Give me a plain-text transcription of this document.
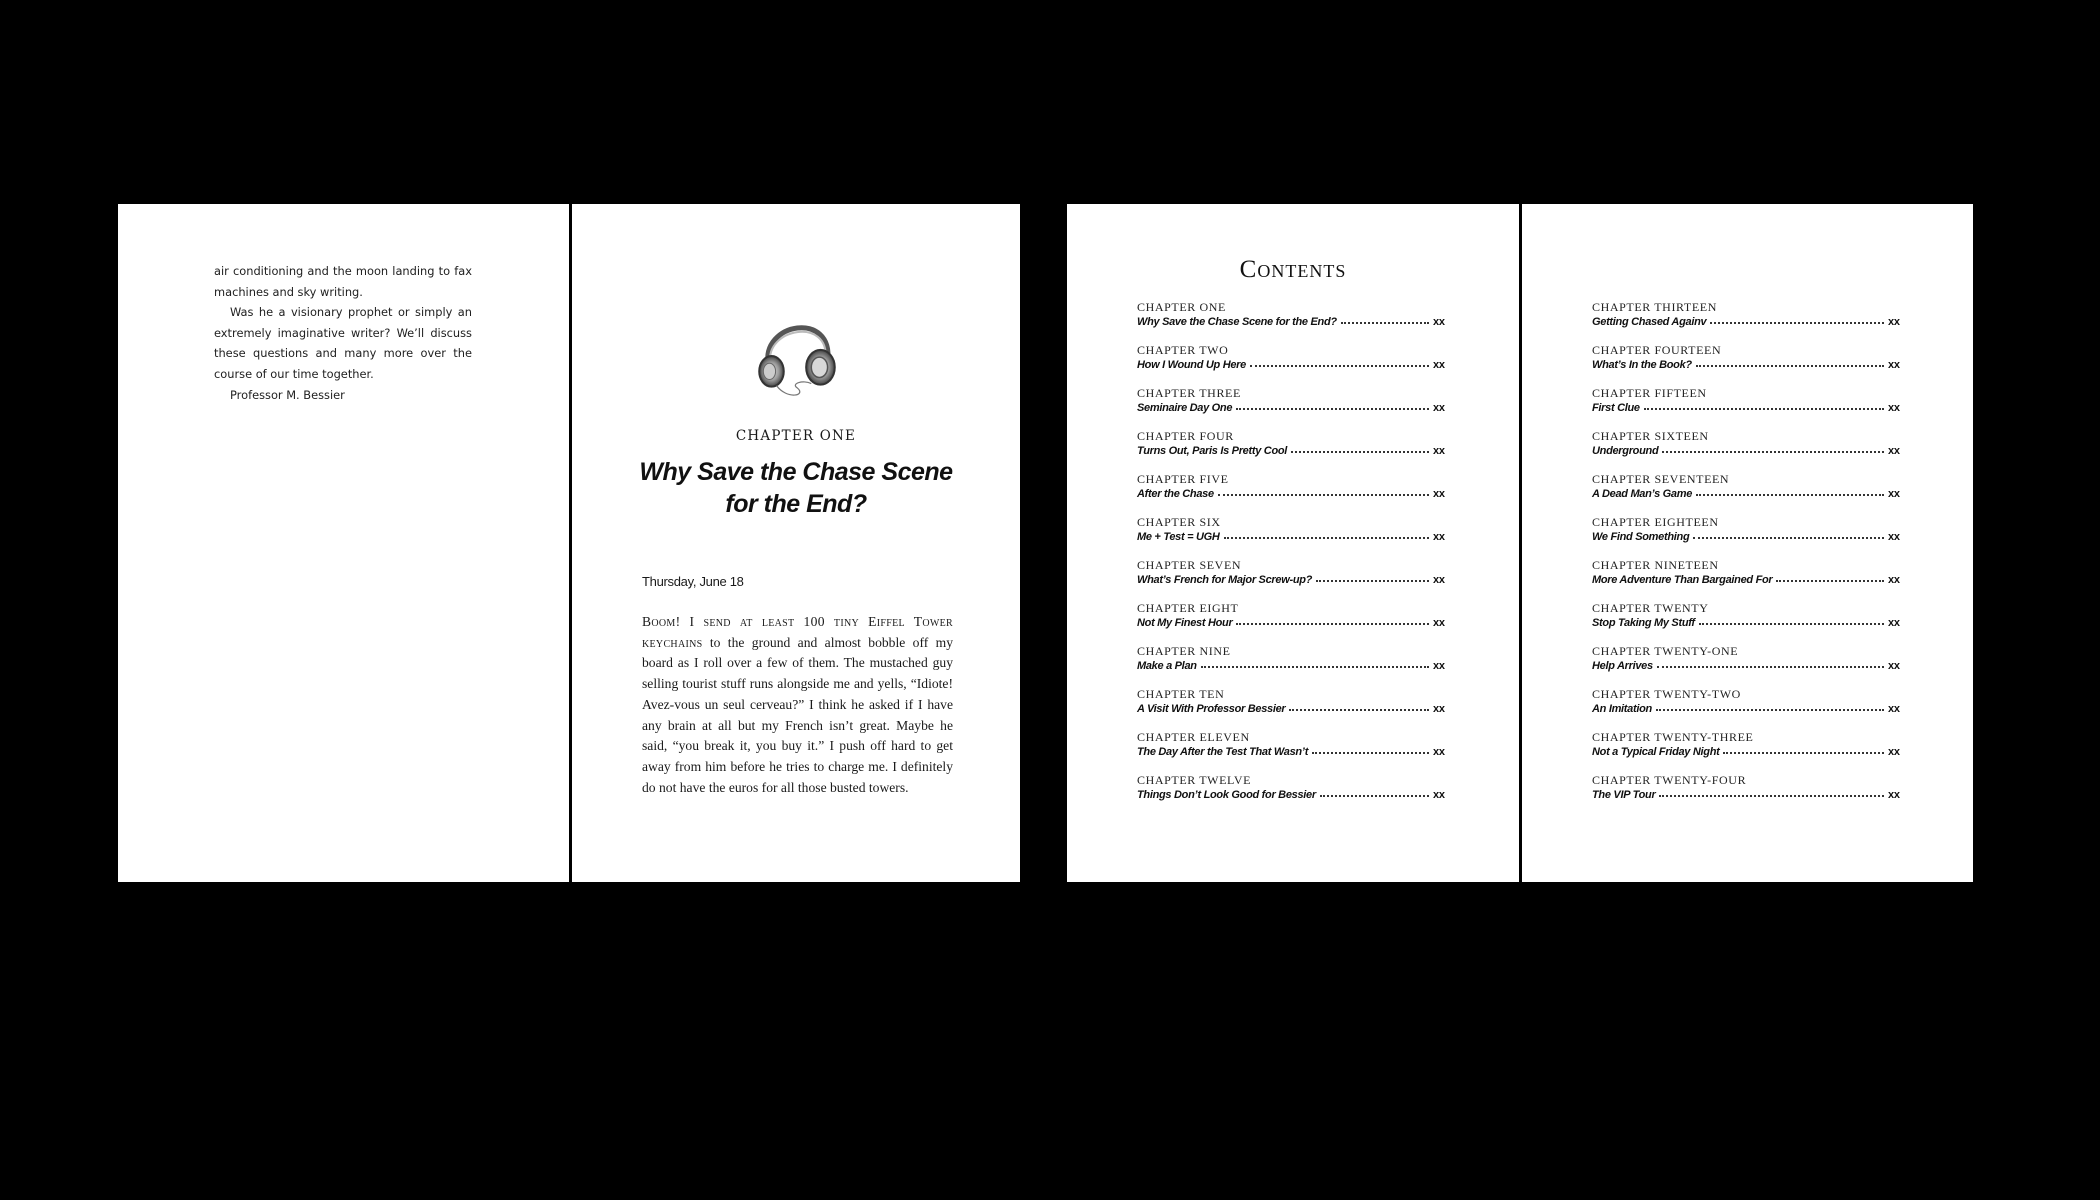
air conditioning and the moon landing to fax machines and sky writing.

Was he a visionary prophet or simply an extremely imaginative writer? We’ll discuss these questions and many more over the course of our time together.

Professor M. Bessier

CHAPTER ONE
Why Save the Chase Scene
for the End?
Thursday, June 18
Boom! I send at least 100 tiny Eiffel Tower keychains to the ground and almost bobble off my board as I roll over a few of them. The mustached guy selling tourist stuff runs alongside me and yells, “Idiote! Avez-vous un seul cerveau?” I think he asked if I have any brain at all but my French isn’t great. Maybe he said, “you break it, you buy it.” I push off hard to get away from him before he tries to charge me. I definitely do not have the euros for all those busted towers.
Contents
CHAPTER ONE
Why Save the Chase Scene for the End?	xx
CHAPTER TWO
How I Wound Up Here	xx
CHAPTER THREE
Seminaire Day One	xx
CHAPTER FOUR
Turns Out, Paris Is Pretty Cool	xx
CHAPTER FIVE
After the Chase	xx
CHAPTER SIX
Me + Test = UGH	xx
CHAPTER SEVEN
What’s French for Major Screw-up?	xx
CHAPTER EIGHT
Not My Finest Hour	xx
CHAPTER NINE
Make a Plan	xx
CHAPTER TEN
A Visit With Professor Bessier	xx
CHAPTER ELEVEN
The Day After the Test That Wasn’t	xx
CHAPTER TWELVE
Things Don’t Look Good for Bessier	xx
CHAPTER THIRTEEN
Getting Chased Againv	xx
CHAPTER FOURTEEN
What’s In the Book?	xx
CHAPTER FIFTEEN
First Clue	xx
CHAPTER SIXTEEN
Underground	xx
CHAPTER SEVENTEEN
A Dead Man’s Game	xx
CHAPTER EIGHTEEN
We Find Something	xx
CHAPTER NINETEEN
More Adventure Than Bargained For	xx
CHAPTER TWENTY
Stop Taking My Stuff	xx
CHAPTER TWENTY-ONE
Help Arrives	xx
CHAPTER TWENTY-TWO
An Imitation	xx
CHAPTER TWENTY-THREE
Not a Typical Friday Night	xx
CHAPTER TWENTY-FOUR
The VIP Tour	xx
